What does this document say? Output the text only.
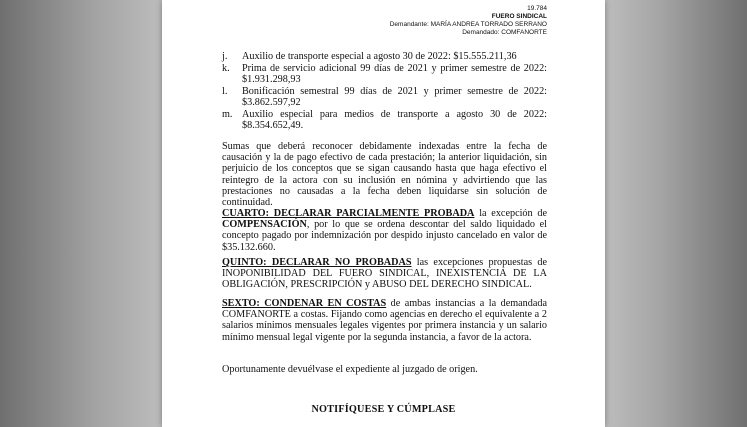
19.784
FUERO SINDICAL
Demandante: MARÍA ANDREA TORRADO SERRANO
Demandado: COMFANORTE
j. Auxilio de transporte especial a agosto 30 de 2022: $15.555.211,36
k. Prima de servicio adicional 99 días de 2021 y primer semestre de 2022: $1.931.298,93
l. Bonificación semestral 99 días de 2021 y primer semestre de 2022: $3.862.597,92
m. Auxilio especial para medios de transporte a agosto 30 de 2022: $8.354.652,49.
Sumas que deberá reconocer debidamente indexadas entre la fecha de causación y la de pago efectivo de cada prestación; la anterior liquidación, sin perjuicio de los conceptos que se sigan causando hasta que haga efectivo el reintegro de la actora con su inclusión en nómina y advirtiendo que las prestaciones no causadas a la fecha deben liquidarse sin solución de continuidad.
CUARTO: DECLARAR PARCIALMENTE PROBADA la excepción de COMPENSACIÓN, por lo que se ordena descontar del saldo liquidado el concepto pagado por indemnización por despido injusto cancelado en valor de $35.132.660.
QUINTO: DECLARAR NO PROBADAS las excepciones propuestas de INOPONIBILIDAD DEL FUERO SINDICAL, INEXISTENCIA DE LA OBLIGACIÓN, PRESCRIPCIÓN y ABUSO DEL DERECHO SINDICAL.
SEXTO: CONDENAR EN COSTAS de ambas instancias a la demandada COMFANORTE a costas. Fijando como agencias en derecho el equivalente a 2 salarios mínimos mensuales legales vigentes por primera instancia y un salario mínimo mensual legal vigente por la segunda instancia, a favor de la actora.
Oportunamente devuélvase el expediente al juzgado de origen.
NOTIFÍQUESE Y CÚMPLASE
